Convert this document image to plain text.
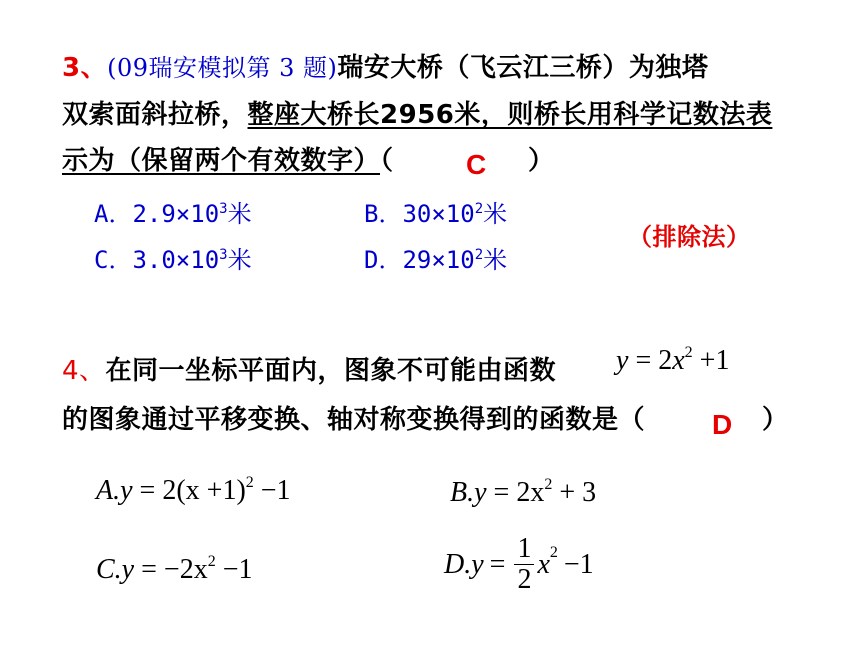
3、(09瑞安模拟第 3 题)瑞安大桥（飞云江三桥）为独塔
双索面斜拉桥，整座大桥长2956米，则桥长用科学记数法表
示为（保留两个有效数字）（	C ）
A．$2.9\times 10^3$米	B．$30\times 10^2$米
C．$3.0\times 10^3$米	D．$29\times 10^2$米
（排除法）
4、在同一坐标平面内，图象不可能由函数 $y = 2x^2 +1$
的图象通过平移变换、轴对称变换得到的函数是（ D ）
$A.y = 2(x +1)^2 -1$	$B.y = 2x^2 + 3$
$C.y = -2x^2 -1$	$D.y = \frac{1}{2} x^2 -1$
